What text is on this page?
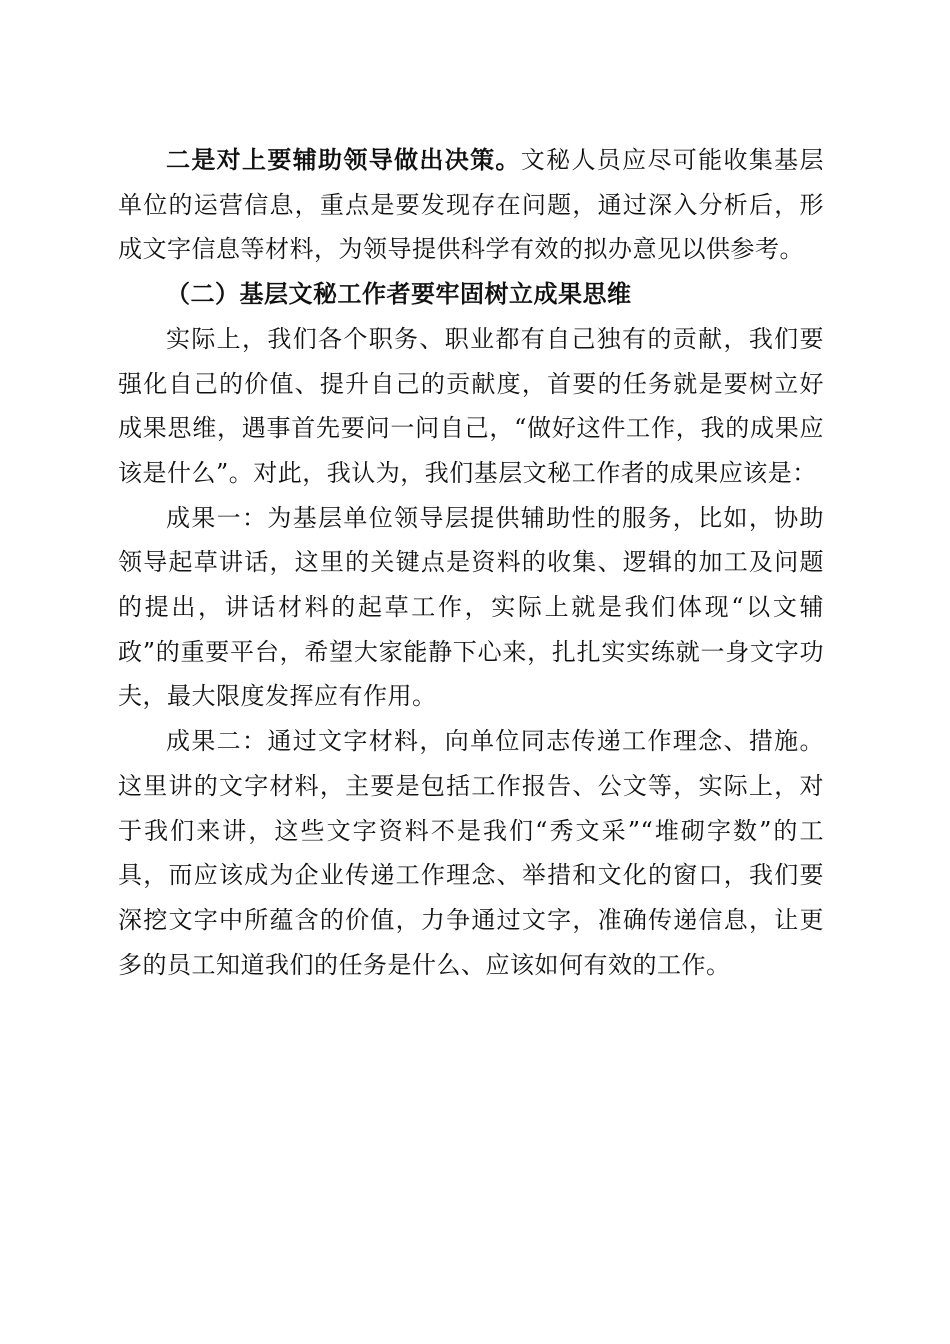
二是对上要辅助领导做出决策。文秘人员应尽可能收集基层单位的运营信息，重点是要发现存在问题，通过深入分析后，形成文字信息等材料，为领导提供科学有效的拟办意见以供参考。

（二）基层文秘工作者要牢固树立成果思维

实际上，我们各个职务、职业都有自己独有的贡献，我们要强化自己的价值、提升自己的贡献度，首要的任务就是要树立好成果思维，遇事首先要问一问自己，“做好这件工作，我的成果应该是什么”。对此，我认为，我们基层文秘工作者的成果应该是：

成果一：为基层单位领导层提供辅助性的服务，比如，协助领导起草讲话，这里的关键点是资料的收集、逻辑的加工及问题的提出，讲话材料的起草工作，实际上就是我们体现“以文辅政”的重要平台，希望大家能静下心来，扎扎实实练就一身文字功夫，最大限度发挥应有作用。

成果二：通过文字材料，向单位同志传递工作理念、措施。这里讲的文字材料，主要是包括工作报告、公文等，实际上，对于我们来讲，这些文字资料不是我们“秀文采”“堆砌字数”的工具，而应该成为企业传递工作理念、举措和文化的窗口，我们要深挖文字中所蕴含的价值，力争通过文字，准确传递信息，让更多的员工知道我们的任务是什么、应该如何有效的工作。
